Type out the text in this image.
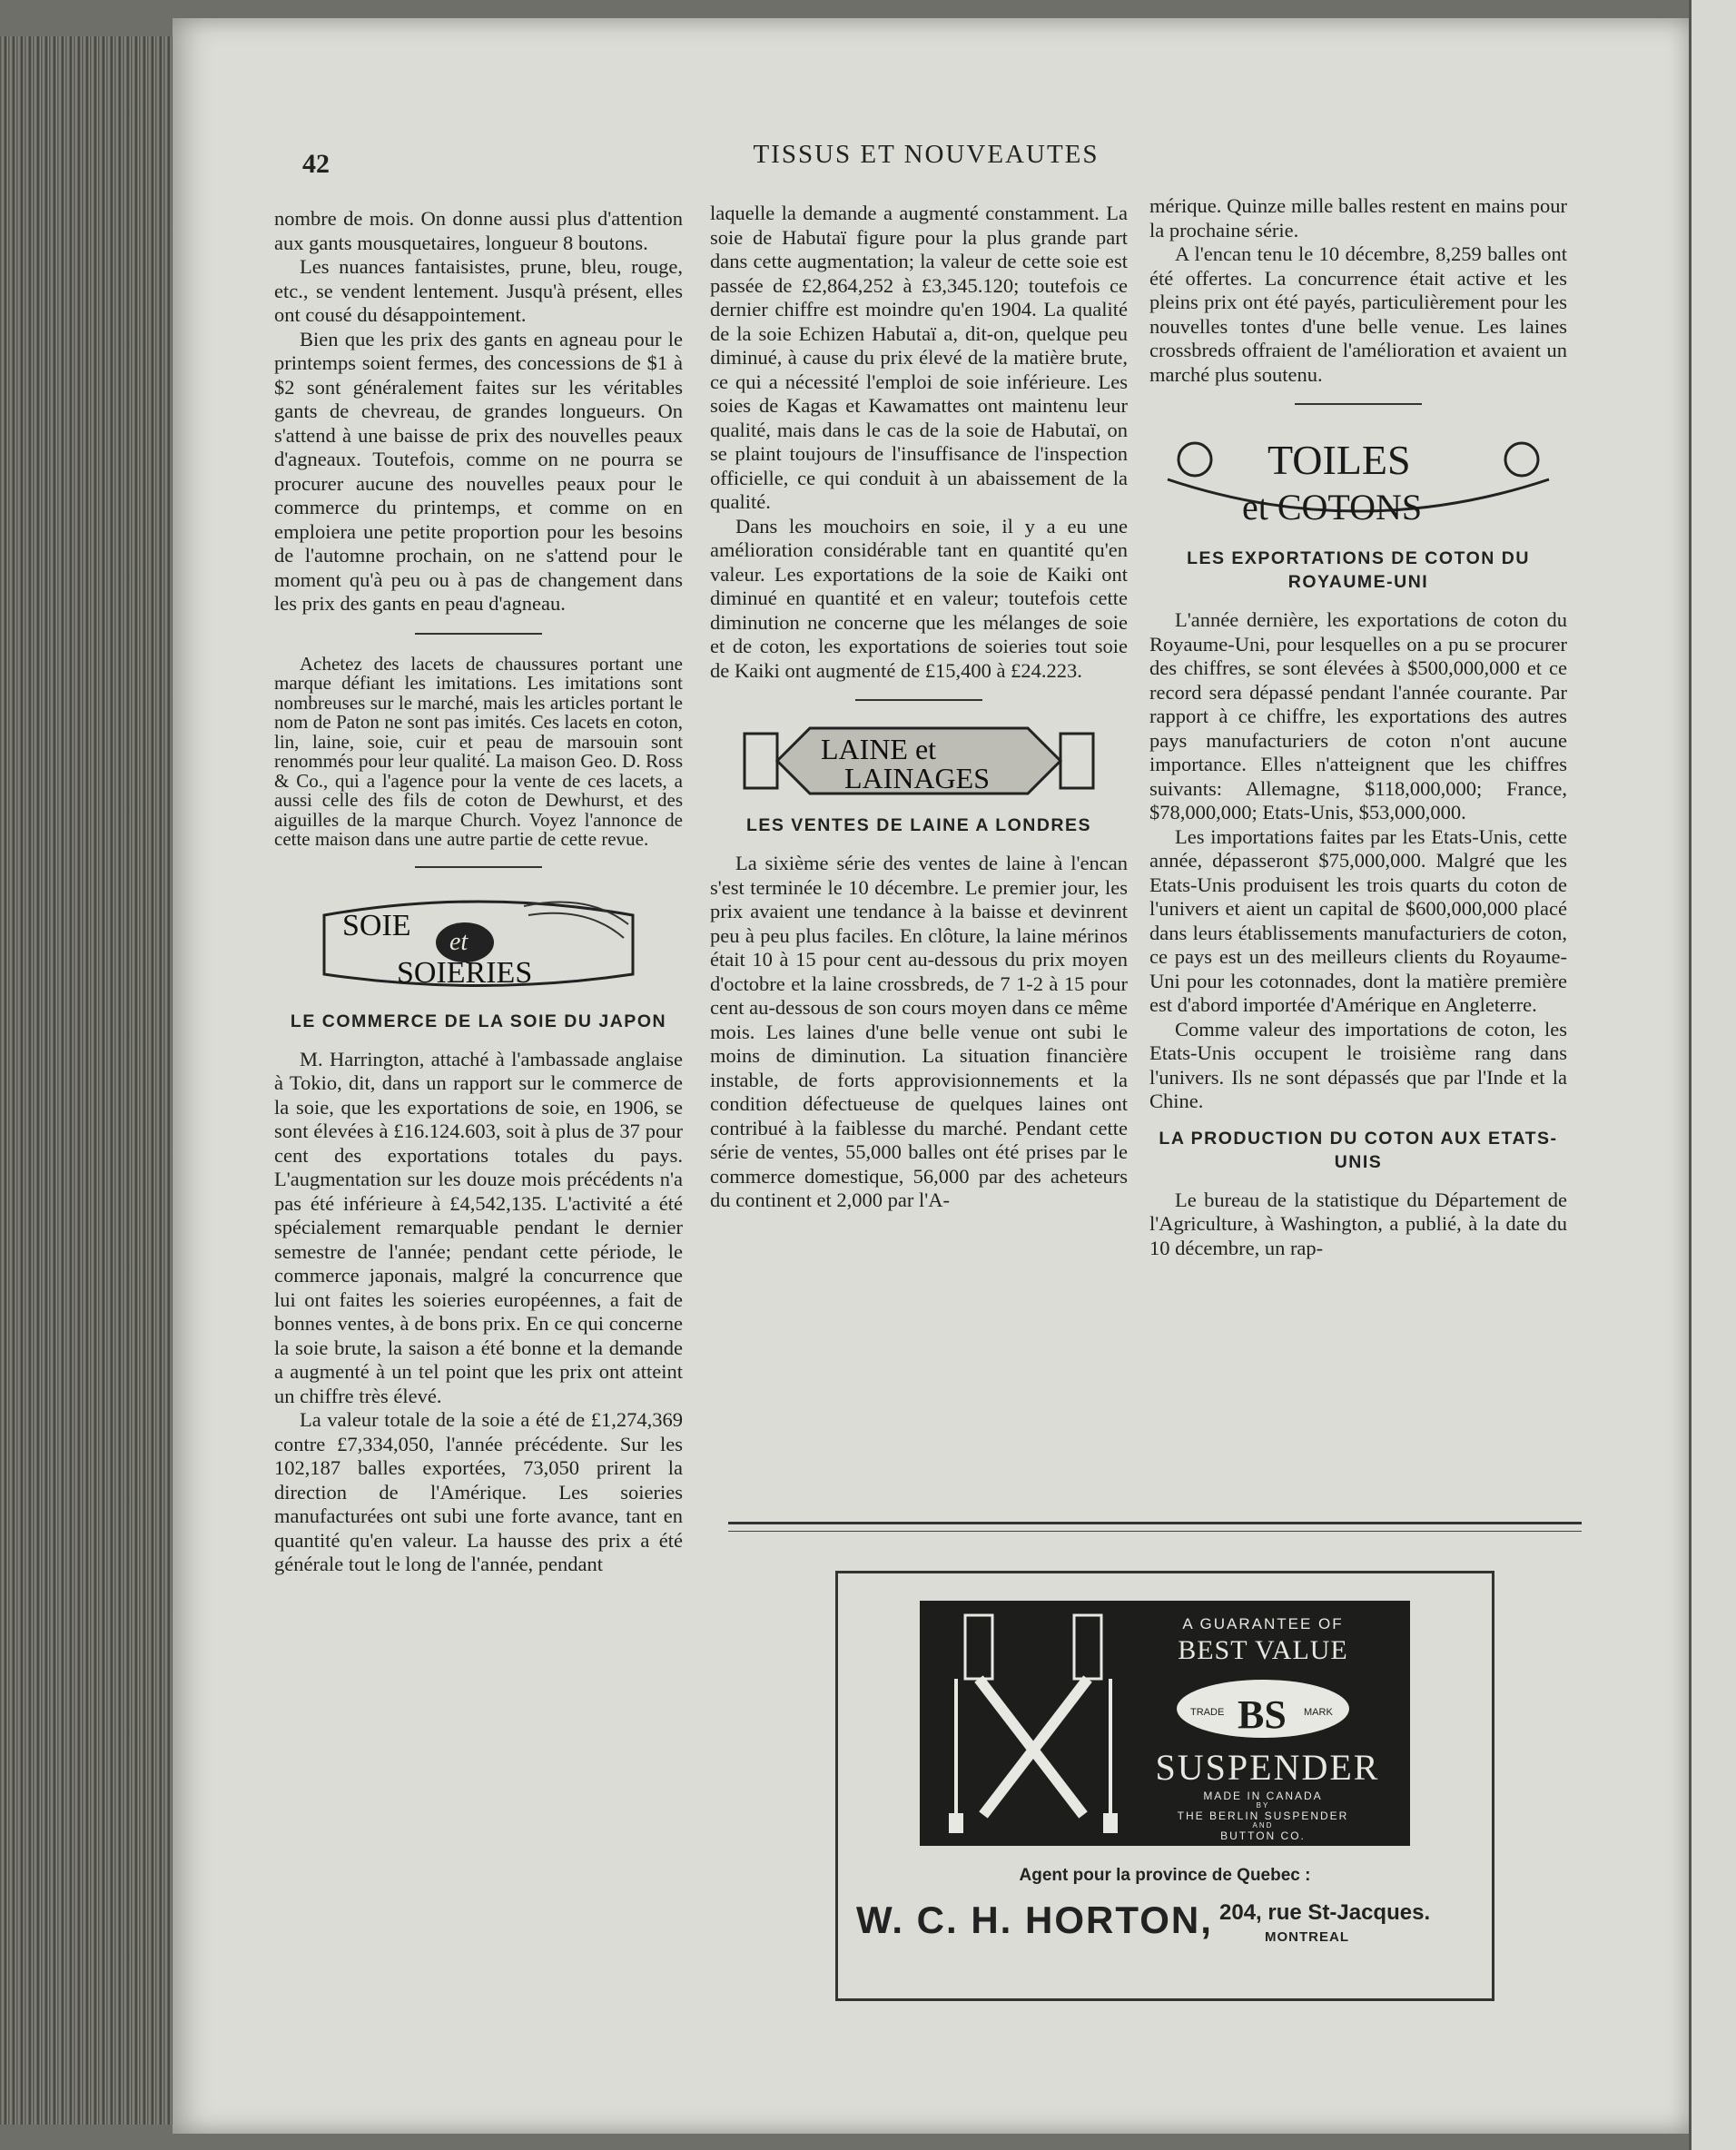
42	TISSUS ET NOUVEAUTES

nombre de mois. On donne aussi plus d'attention aux gants mousquetaires, longueur 8 boutons.

Les nuances fantaisistes, prune, bleu, rouge, etc., se vendent lentement. Jusqu'à présent, elles ont cousé du désappointement.

Bien que les prix des gants en agneau pour le printemps soient fermes, des concessions de $1 à $2 sont généralement faites sur les véritables gants de chevreau, de grandes longueurs. On s'attend à une baisse de prix des nouvelles peaux d'agneaux. Toutefois, comme on ne pourra se procurer aucune des nouvelles peaux pour le commerce du printemps, et comme on en emploiera une petite proportion pour les besoins de l'automne prochain, on ne s'attend pour le moment qu'à peu ou à pas de changement dans les prix des gants en peau d'agneau.

Achetez des lacets de chaussures portant une marque défiant les imitations. Les imitations sont nombreuses sur le marché, mais les articles portant le nom de Paton ne sont pas imités. Ces lacets en coton, lin, laine, soie, cuir et peau de marsouin sont renommés pour leur qualité. La maison Geo. D. Ross & Co., qui a l'agence pour la vente de ces lacets, a aussi celle des fils de coton de Dewhurst, et des aiguilles de la marque Church. Voyez l'annonce de cette maison dans une autre partie de cette revue.

SOIE et
SOIERIES
LE COMMERCE DE LA SOIE DU JAPON

M. Harrington, attaché à l'ambassade anglaise à Tokio, dit, dans un rapport sur le commerce de la soie, que les exportations de soie, en 1906, se sont élevées à £16.124.603, soit à plus de 37 pour cent des exportations totales du pays. L'augmentation sur les douze mois précédents n'a pas été inférieure à £4,542,135. L'activité a été spécialement remarquable pendant le dernier semestre de l'année; pendant cette période, le commerce japonais, malgré la concurrence que lui ont faites les soieries européennes, a fait de bonnes ventes, à de bons prix. En ce qui concerne la soie brute, la saison a été bonne et la demande a augmenté à un tel point que les prix ont atteint un chiffre très élevé.

La valeur totale de la soie a été de £1,274,369 contre £7,334,050, l'année précédente. Sur les 102,187 balles exportées, 73,050 prirent la direction de l'Amérique. Les soieries manufacturées ont subi une forte avance, tant en quantité qu'en valeur. La hausse des prix a été générale tout le long de l'année, pendant

laquelle la demande a augmenté constamment. La soie de Habutaï figure pour la plus grande part dans cette augmentation; la valeur de cette soie est passée de £2,864,252 à £3,345.120; toutefois ce dernier chiffre est moindre qu'en 1904. La qualité de la soie Echizen Habutaï a, dit-on, quelque peu diminué, à cause du prix élevé de la matière brute, ce qui a nécessité l'emploi de soie inférieure. Les soies de Kagas et Kawamattes ont maintenu leur qualité, mais dans le cas de la soie de Habutaï, on se plaint toujours de l'insuffisance de l'inspection officielle, ce qui conduit à un abaissement de la qualité.

Dans les mouchoirs en soie, il y a eu une amélioration considérable tant en quantité qu'en valeur. Les exportations de la soie de Kaiki ont diminué en quantité et en valeur; toutefois cette diminution ne concerne que les mélanges de soie et de coton, les exportations de soieries tout soie de Kaiki ont augmenté de £15,400 à £24.223.

LAINE et
LAINAGES
LES VENTES DE LAINE A LONDRES

La sixième série des ventes de laine à l'encan s'est terminée le 10 décembre. Le premier jour, les prix avaient une tendance à la baisse et devinrent peu à peu plus faciles. En clôture, la laine mérinos était 10 à 15 pour cent au-dessous du prix moyen d'octobre et la laine crossbreds, de 7 1-2 à 15 pour cent au-dessous de son cours moyen dans ce même mois. Les laines d'une belle venue ont subi le moins de diminution. La situation financière instable, de forts approvisionnements et la condition défectueuse de quelques laines ont contribué à la faiblesse du marché. Pendant cette série de ventes, 55,000 balles ont été prises par le commerce domestique, 56,000 par des acheteurs du continent et 2,000 par l'A-

mérique. Quinze mille balles restent en mains pour la prochaine série.

A l'encan tenu le 10 décembre, 8,259 balles ont été offertes. La concurrence était active et les pleins prix ont été payés, particulièrement pour les nouvelles tontes d'une belle venue. Les laines crossbreds offraient de l'amélioration et avaient un marché plus soutenu.

TOILES
et COTONS
LES EXPORTATIONS DE COTON DU ROYAUME-UNI

L'année dernière, les exportations de coton du Royaume-Uni, pour lesquelles on a pu se procurer des chiffres, se sont élevées à $500,000,000 et ce record sera dépassé pendant l'année courante. Par rapport à ce chiffre, les exportations des autres pays manufacturiers de coton n'ont aucune importance. Elles n'atteignent que les chiffres suivants: Allemagne, $118,000,000; France, $78,000,000; Etats-Unis, $53,000,000.

Les importations faites par les Etats-Unis, cette année, dépasseront $75,000,000. Malgré que les Etats-Unis produisent les trois quarts du coton de l'univers et aient un capital de $600,000,000 placé dans leurs établissements manufacturiers de coton, ce pays est un des meilleurs clients du Royaume-Uni pour les cotonnades, dont la matière première est d'abord importée d'Amérique en Angleterre.

Comme valeur des importations de coton, les Etats-Unis occupent le troisième rang dans l'univers. Ils ne sont dépassés que par l'Inde et la Chine.

LA PRODUCTION DU COTON AUX ETATS-UNIS

Le bureau de la statistique du Département de l'Agriculture, à Washington, a publié, à la date du 10 décembre, un rap-

A GUARANTEE OF
BEST VALUE
TRADE	MARK
BS
Co.
SUSPENDER
MADE IN CANADA
BY
THE BERLIN SUSPENDER
AND
BUTTON CO.
Agent pour la province de Quebec :
W. C. H. HORTON, 204, rue St-Jacques.
MONTREAL
